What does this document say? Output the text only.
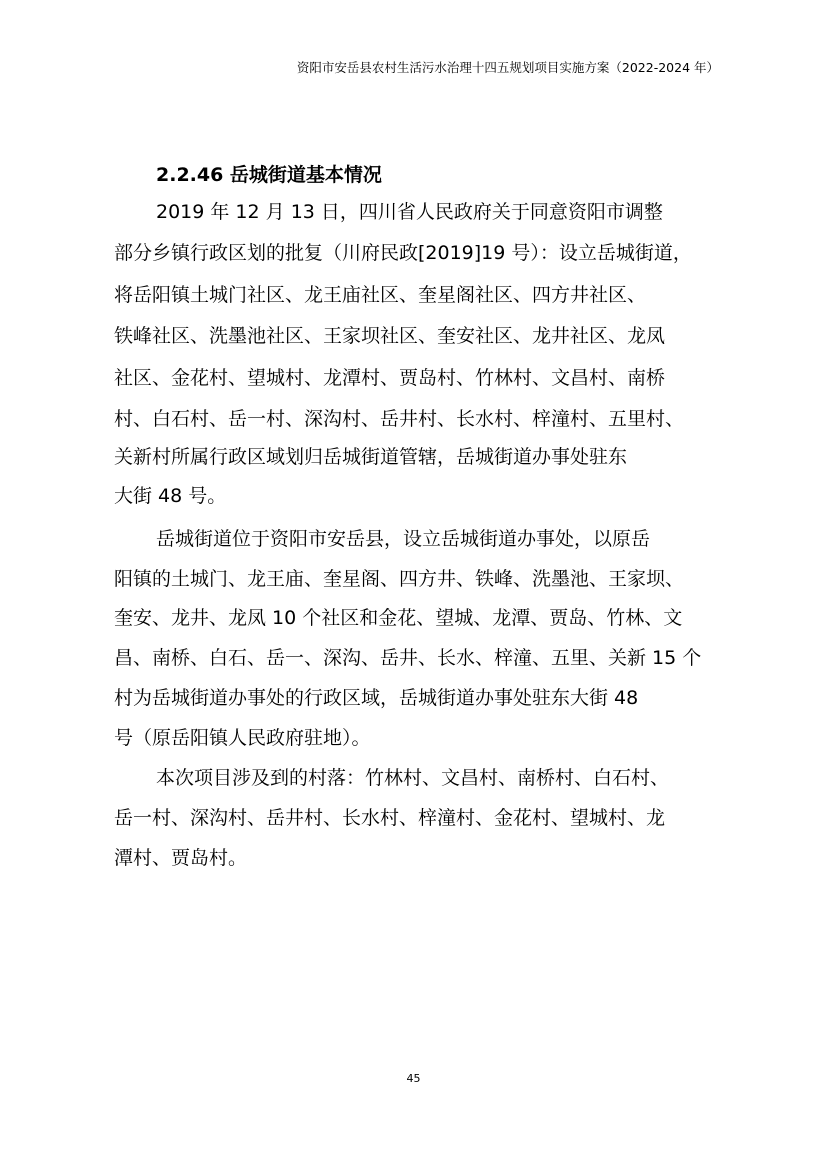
资阳市安岳县农村生活污水治理十四五规划项目实施方案（2022-2024 年）
2.2.46 岳城街道基本情况
2019 年 12 月 13 日，四川省人民政府关于同意资阳市调整
部分乡镇行政区划的批复（川府民政[2019]19 号）：设立岳城街道，
将岳阳镇土城门社区、龙王庙社区、奎星阁社区、四方井社区、
铁峰社区、洗墨池社区、王家坝社区、奎安社区、龙井社区、龙凤
社区、金花村、望城村、龙潭村、贾岛村、竹林村、文昌村、南桥
村、白石村、岳一村、深沟村、岳井村、长水村、梓潼村、五里村、
关新村所属行政区域划归岳城街道管辖，岳城街道办事处驻东
大街 48 号。
岳城街道位于资阳市安岳县，设立岳城街道办事处，以原岳
阳镇的土城门、龙王庙、奎星阁、四方井、铁峰、洗墨池、王家坝、
奎安、龙井、龙凤 10 个社区和金花、望城、龙潭、贾岛、竹林、文
昌、南桥、白石、岳一、深沟、岳井、长水、梓潼、五里、关新 15 个
村为岳城街道办事处的行政区域，岳城街道办事处驻东大街 48
号（原岳阳镇人民政府驻地）。
本次项目涉及到的村落：竹林村、文昌村、南桥村、白石村、
岳一村、深沟村、岳井村、长水村、梓潼村、金花村、望城村、龙
潭村、贾岛村。
45
